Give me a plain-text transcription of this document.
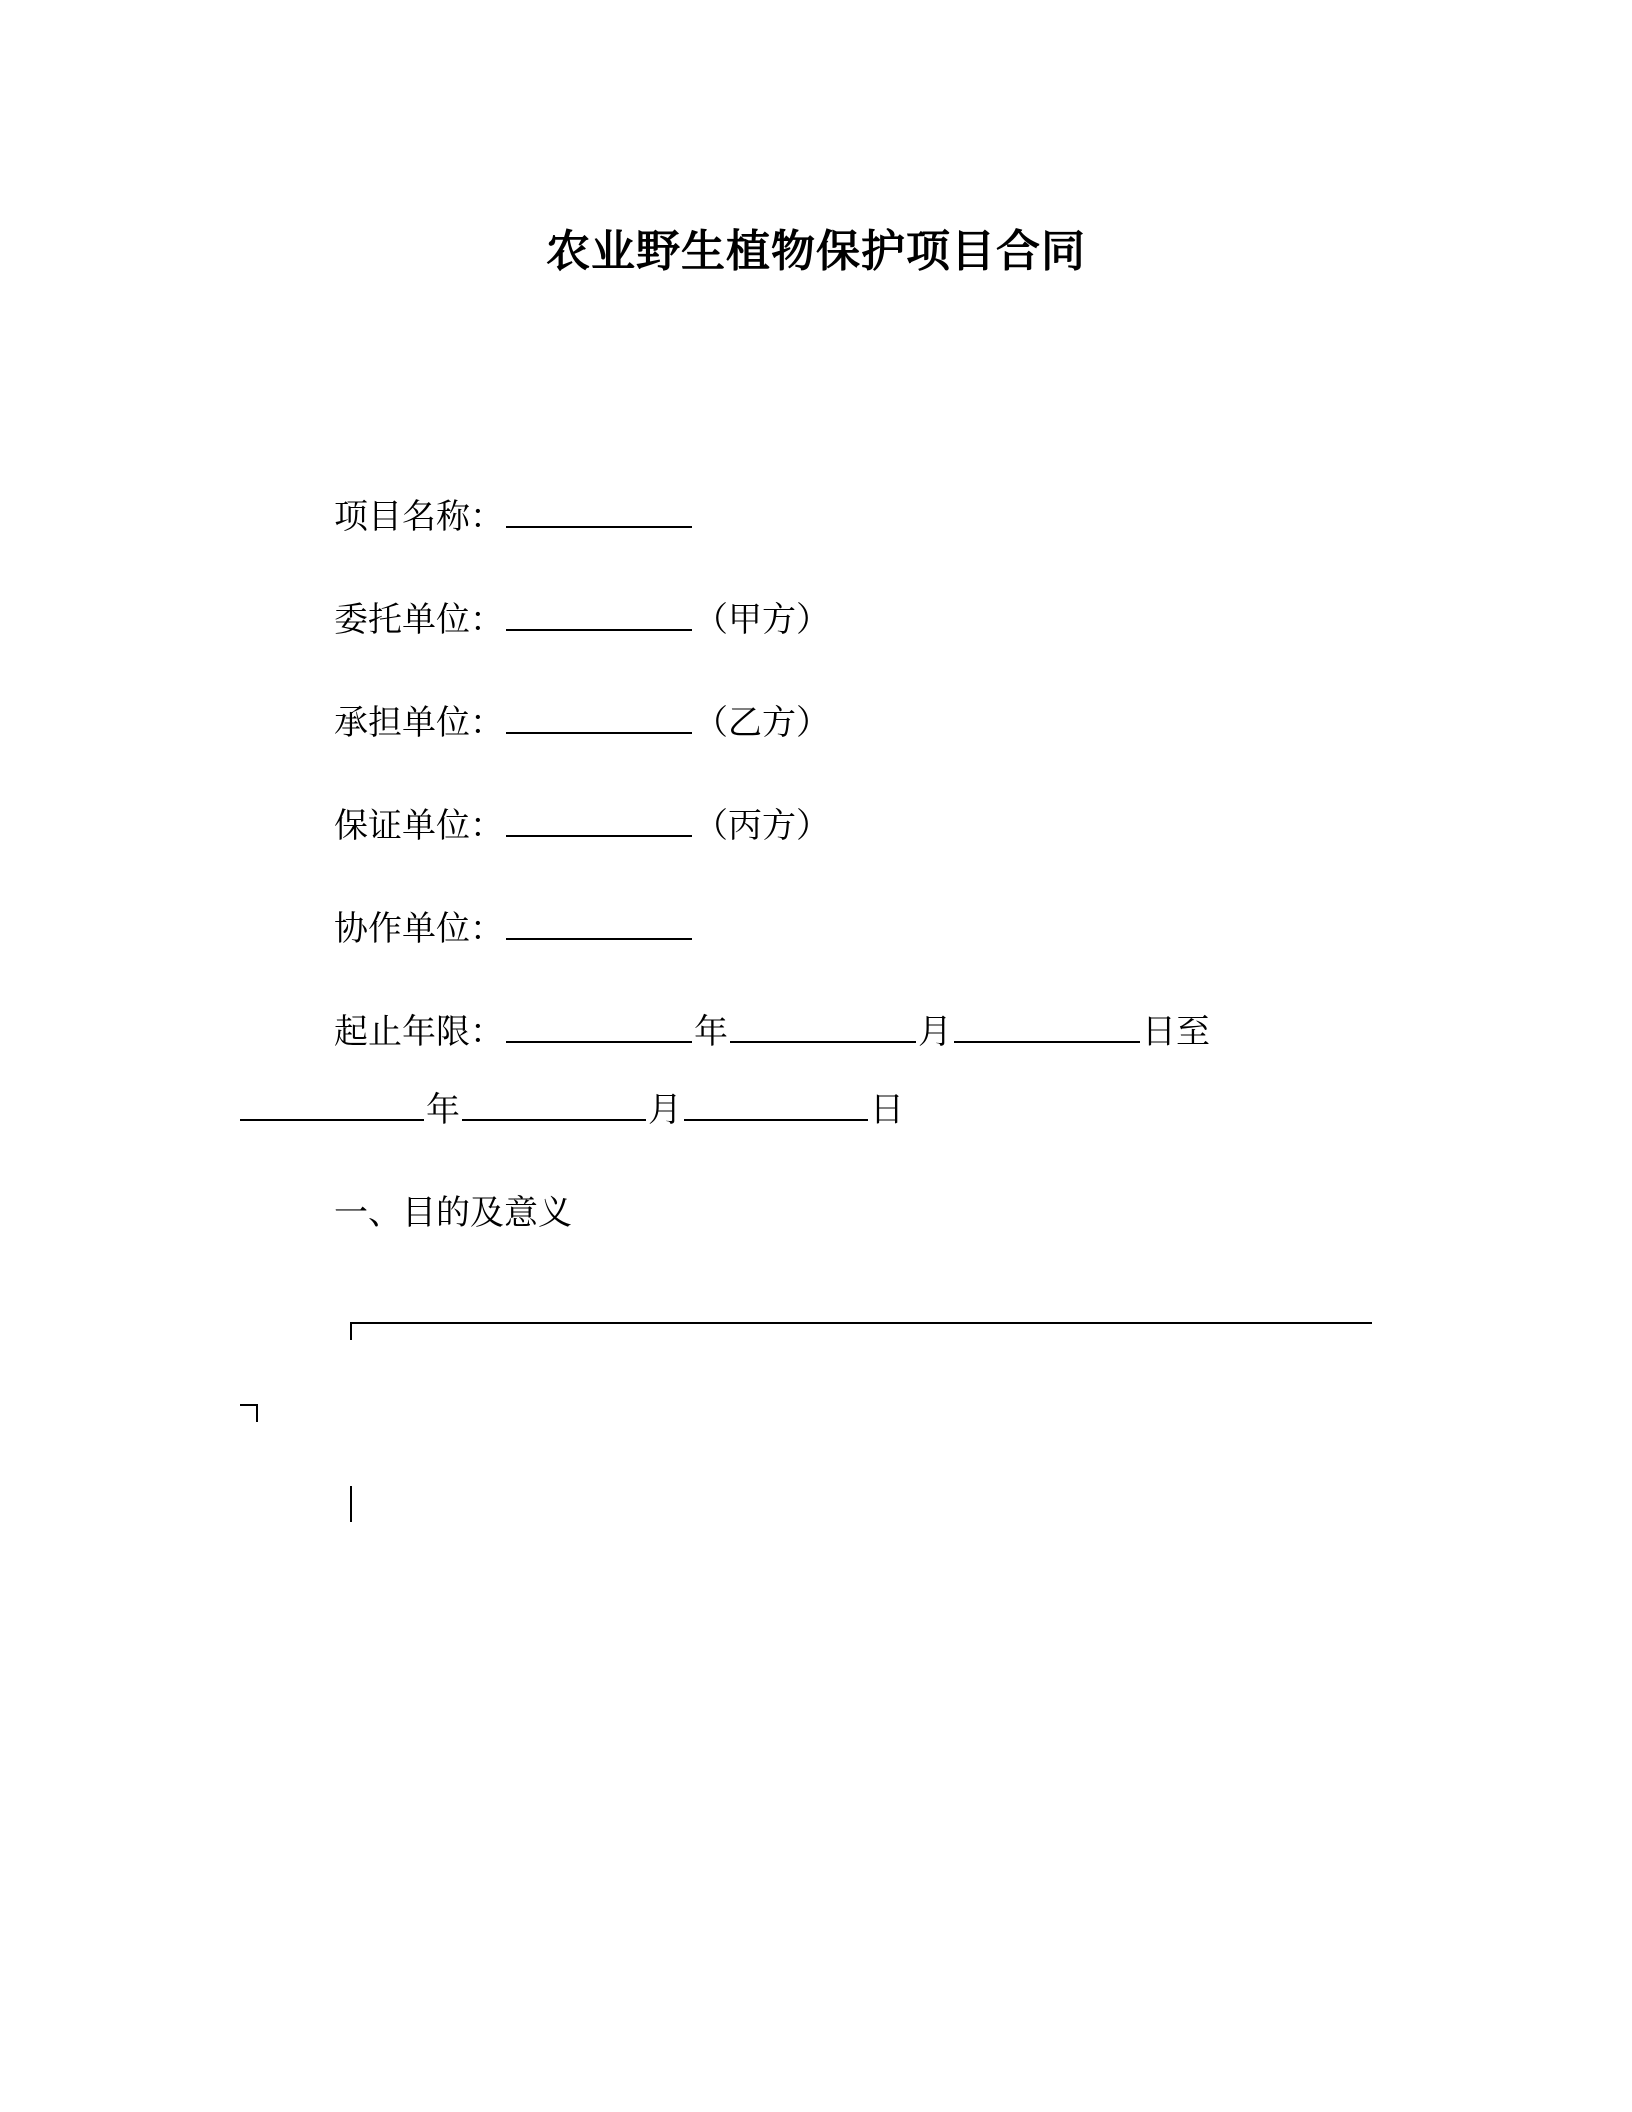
农业野生植物保护项目合同
项目名称：
委托单位：	（甲方）
承担单位：	（乙方）
保证单位：	（丙方）
协作单位：
起止年限：	年	月	日至
年	月	日
一、目的及意义
